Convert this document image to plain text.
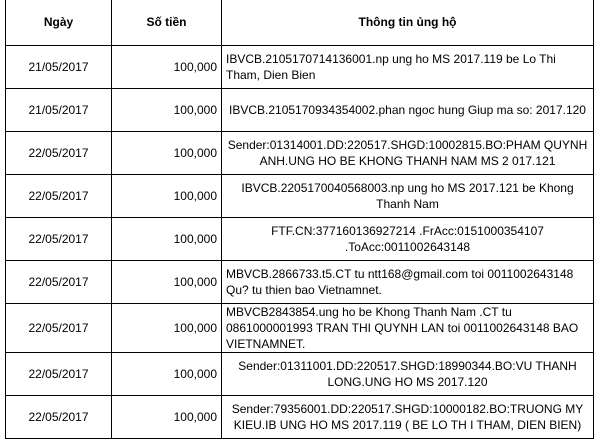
Ngày	Số tiền	Thông tin ủng hộ
21/05/2017	100,000	IBVCB.2105170714136001.np ung ho MS 2017.119 be Lo Thi Tham, Dien Bien
21/05/2017	100,000	IBVCB.2105170934354002.phan ngoc hung Giup ma so: 2017.120
22/05/2017	100,000	Sender:01314001.DD:220517.SHGD:10002815.BO:PHAM QUYNH ANH.UNG HO BE KHONG THANH NAM MS 2 017.121
22/05/2017	100,000	IBVCB.2205170040568003.np ung ho MS 2017.121 be Khong Thanh Nam
22/05/2017	100,000	FTF.CN:377160136927214 .FrAcc:0151000354107 .ToAcc:0011002643148
22/05/2017	100,000	MBVCB.2866733.t5.CT tu ntt168@gmail.com toi 0011002643148 Qu? tu thien bao Vietnamnet.
22/05/2017	100,000	MBVCB2843854.ung ho be Khong Thanh Nam .CT tu 0861000001993 TRAN THI QUYNH LAN toi 0011002643148 BAO VIETNAMNET.
22/05/2017	100,000	Sender:01311001.DD:220517.SHGD:18990344.BO:VU THANH LONG.UNG HO MS 2017.120
22/05/2017	100,000	Sender:79356001.DD:220517.SHGD:10000182.BO:TRUONG MY KIEU.IB UNG HO MS 2017.119 ( BE LO TH I THAM, DIEN BIEN)
